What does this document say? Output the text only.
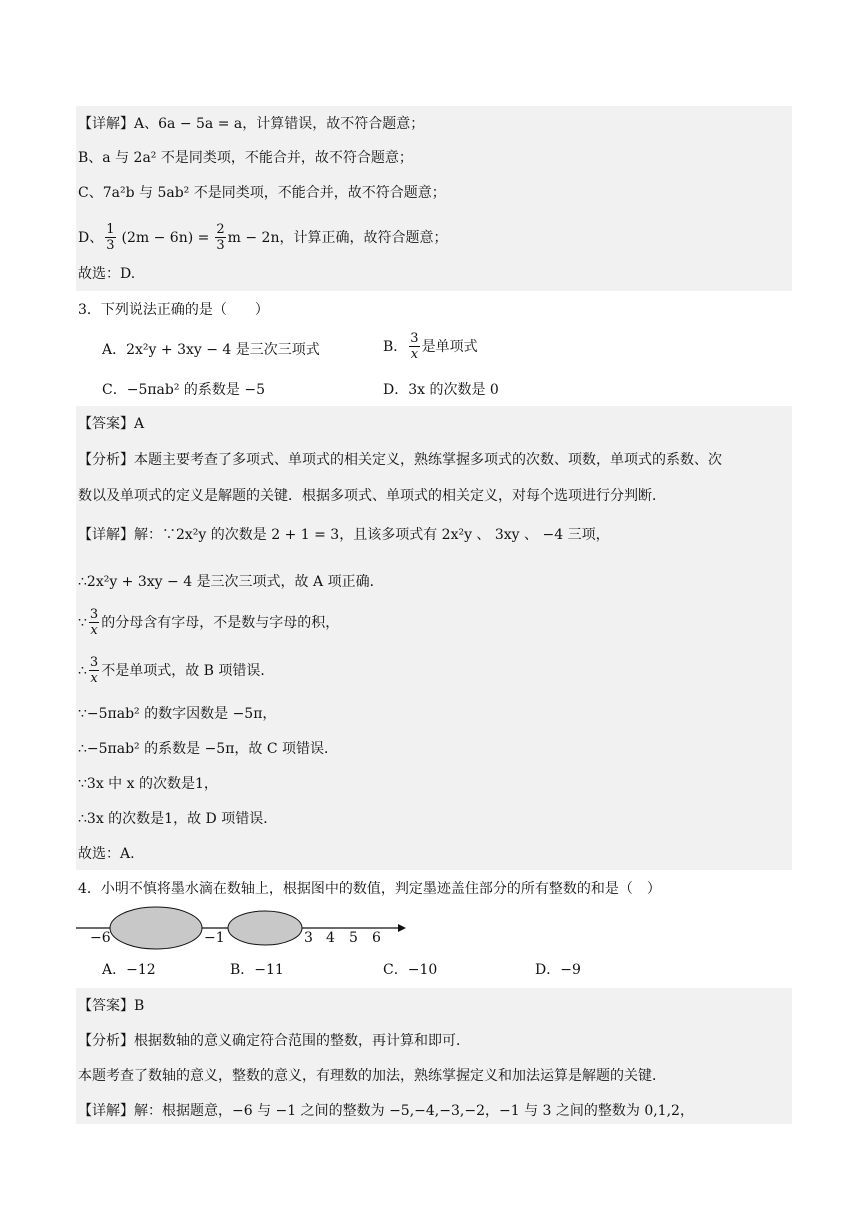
【详解】A、6a − 5a = a，计算错误，故不符合题意；
B、a 与 2a² 不是同类项，不能合并，故不符合题意；
C、7a²b 与 5ab² 不是同类项，不能合并，故不符合题意；
D、 $\frac{1}{3} (2m - 6n) = \frac{2}{3}$ m − 2n，计算正确，故符合题意；
故选：D.
3．下列说法正确的是（　　）
A．2x²y + 3xy − 4 是三次三项式	B． $\frac{3}{x}$ 是单项式
C．−5πab² 的系数是 −5	D．3x 的次数是 0
【答案】A
【分析】本题主要考查了多项式、单项式的相关定义，熟练掌握多项式的次数、项数，单项式的系数、次
数以及单项式的定义是解题的关键．根据多项式、单项式的相关定义，对每个选项进行分判断．
【详解】解：∵2x²y 的次数是 2 + 1 = 3，且该多项式有 2x²y 、 3xy 、 −4 三项，
∴2x²y + 3xy − 4 是三次三项式，故 A 项正确．
∵ $\frac{3}{x}$ 的分母含有字母，不是数与字母的积，
∴ $\frac{3}{x}$ 不是单项式，故 B 项错误．
∵−5πab² 的数字因数是 −5π，
∴−5πab² 的系数是 −5π，故 C 项错误．
∵3x 中 x 的次数是1，
∴3x 的次数是1，故 D 项错误．
故选：A.
4．小明不慎将墨水滴在数轴上，根据图中的数值，判定墨迹盖住部分的所有整数的和是（　）
−6	−1	3 4 5 6
A．−12	B．−11	C．−10	D．−9
【答案】B
【分析】根据数轴的意义确定符合范围的整数，再计算和即可．
本题考查了数轴的意义，整数的意义，有理数的加法，熟练掌握定义和加法运算是解题的关键．
【详解】解：根据题意，−6 与 −1 之间的整数为 −5,−4,−3,−2，−1 与 3 之间的整数为 0,1,2，
